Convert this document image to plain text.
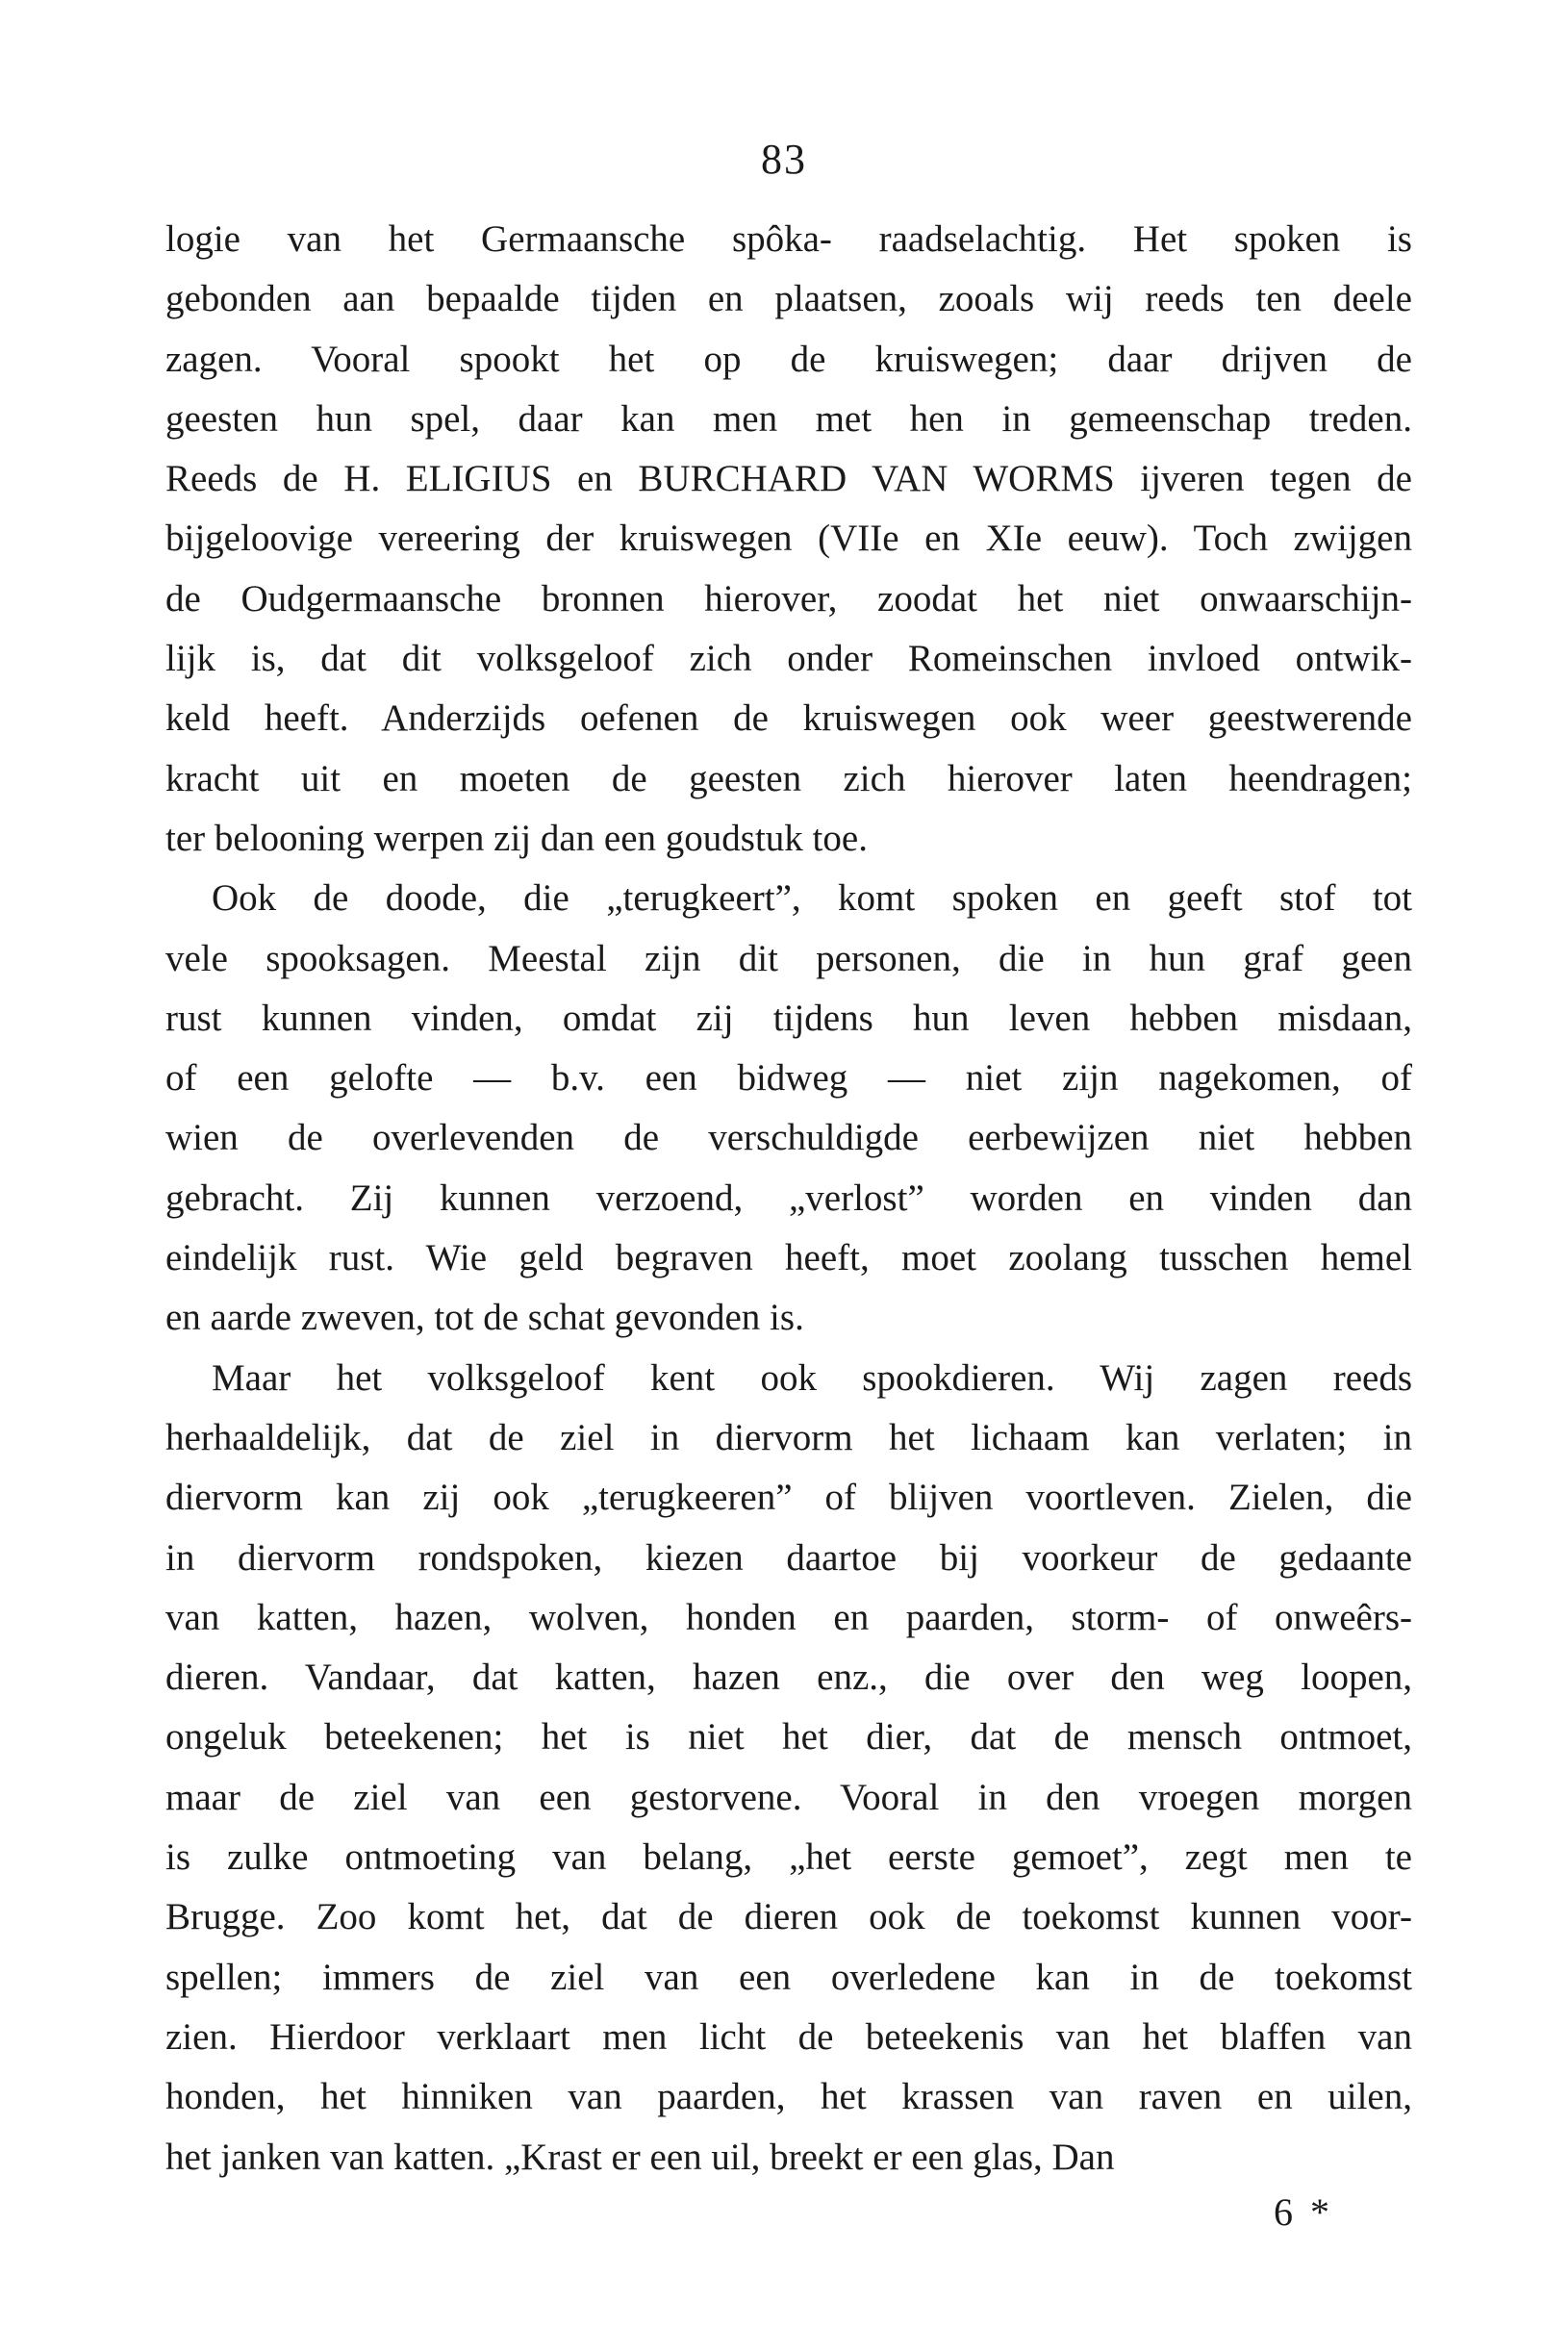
83
logie van het Germaansche spôka- raadselachtig. Het spoken is
gebonden aan bepaalde tijden en plaatsen, zooals wij reeds ten deele
zagen. Vooral spookt het op de kruiswegen; daar drijven de
geesten hun spel, daar kan men met hen in gemeenschap treden.
Reeds de H. ELIGIUS en BURCHARD VAN WORMS ijveren tegen de
bijgeloovige vereering der kruiswegen (VIIe en XIe eeuw). Toch zwijgen
de Oudgermaansche bronnen hierover, zoodat het niet onwaarschijn-
lijk is, dat dit volksgeloof zich onder Romeinschen invloed ontwik-
keld heeft. Anderzijds oefenen de kruiswegen ook weer geestwerende
kracht uit en moeten de geesten zich hierover laten heendragen;
ter belooning werpen zij dan een goudstuk toe.
Ook de doode, die „terugkeert”, komt spoken en geeft stof tot
vele spooksagen. Meestal zijn dit personen, die in hun graf geen
rust kunnen vinden, omdat zij tijdens hun leven hebben misdaan,
of een gelofte — b.v. een bidweg — niet zijn nagekomen, of
wien de overlevenden de verschuldigde eerbewijzen niet hebben
gebracht. Zij kunnen verzoend, „verlost” worden en vinden dan
eindelijk rust. Wie geld begraven heeft, moet zoolang tusschen hemel
en aarde zweven, tot de schat gevonden is.
Maar het volksgeloof kent ook spookdieren. Wij zagen reeds
herhaaldelijk, dat de ziel in diervorm het lichaam kan verlaten; in
diervorm kan zij ook „terugkeeren” of blijven voortleven. Zielen, die
in diervorm rondspoken, kiezen daartoe bij voorkeur de gedaante
van katten, hazen, wolven, honden en paarden, storm- of onweêrs-
dieren. Vandaar, dat katten, hazen enz., die over den weg loopen,
ongeluk beteekenen; het is niet het dier, dat de mensch ontmoet,
maar de ziel van een gestorvene. Vooral in den vroegen morgen
is zulke ontmoeting van belang, „het eerste gemoet”, zegt men te
Brugge. Zoo komt het, dat de dieren ook de toekomst kunnen voor-
spellen; immers de ziel van een overledene kan in de toekomst
zien. Hierdoor verklaart men licht de beteekenis van het blaffen van
honden, het hinniken van paarden, het krassen van raven en uilen,
het janken van katten. „Krast er een uil, breekt er een glas, Dan
6 *
